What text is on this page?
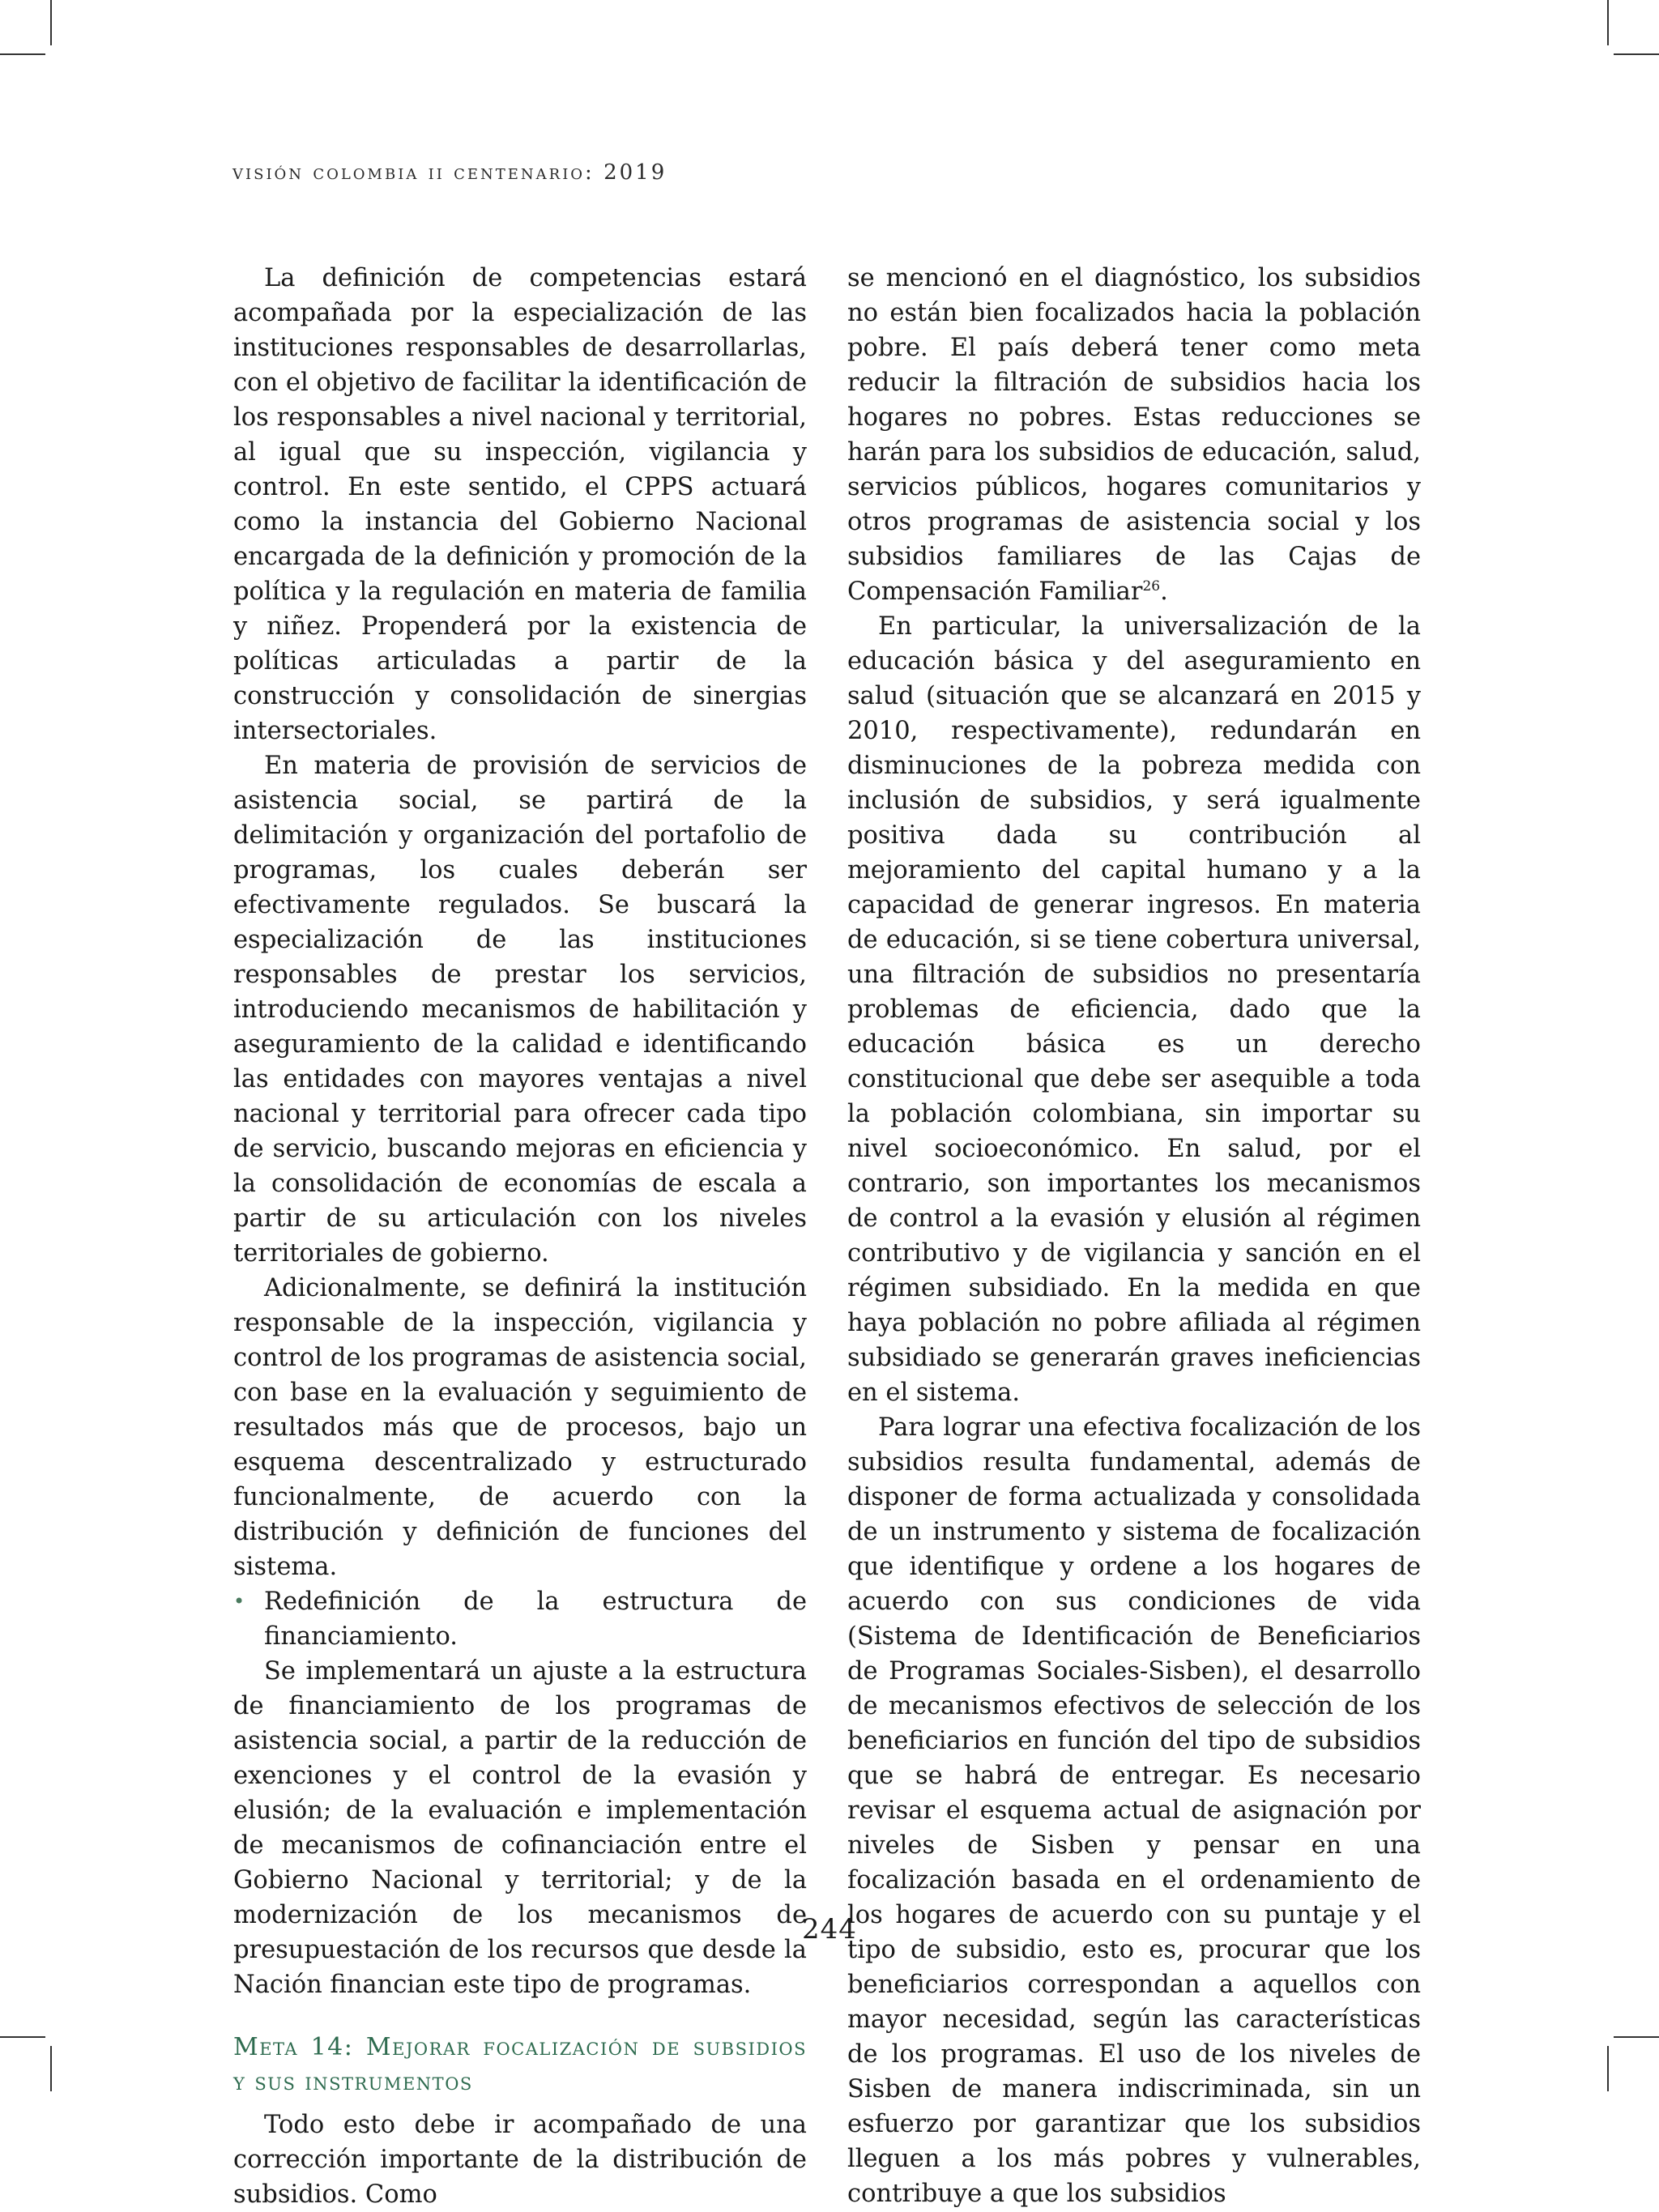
visión colombia ii centenario: 2019

La definición de competencias estará acompañada por la especialización de las instituciones responsables de desarrollarlas, con el objetivo de facilitar la identificación de los responsables a nivel nacional y territorial, al igual que su inspección, vigilancia y control. En este sentido, el CPPS actuará como la instancia del Gobierno Nacional encargada de la definición y promoción de la política y la regulación en materia de familia y niñez. Propenderá por la existencia de políticas articuladas a partir de la construcción y consolidación de sinergias intersectoriales.

En materia de provisión de servicios de asistencia social, se partirá de la delimitación y organización del portafolio de programas, los cuales deberán ser efectivamente regulados. Se buscará la especialización de las instituciones responsables de prestar los servicios, introduciendo mecanismos de habilitación y aseguramiento de la calidad e identificando las entidades con mayores ventajas a nivel nacional y territorial para ofrecer cada tipo de servicio, buscando mejoras en eficiencia y la consolidación de economías de escala a partir de su articulación con los niveles territoriales de gobierno.

Adicionalmente, se definirá la institución responsable de la inspección, vigilancia y control de los programas de asistencia social, con base en la evaluación y seguimiento de resultados más que de procesos, bajo un esquema descentralizado y estructurado funcionalmente, de acuerdo con la distribución y definición de funciones del sistema.

• Redefinición de la estructura de financiamiento.

Se implementará un ajuste a la estructura de financiamiento de los programas de asistencia social, a partir de la reducción de exenciones y el control de la evasión y elusión; de la evaluación e implementación de mecanismos de cofinanciación entre el Gobierno Nacional y territorial; y de la modernización de los mecanismos de presupuestación de los recursos que desde la Nación financian este tipo de programas.

Meta 14: Mejorar focalización de subsidios y sus instrumentos

Todo esto debe ir acompañado de una corrección importante de la distribución de subsidios. Como

se mencionó en el diagnóstico, los subsidios no están bien focalizados hacia la población pobre. El país deberá tener como meta reducir la filtración de subsidios hacia los hogares no pobres. Estas reducciones se harán para los subsidios de educación, salud, servicios públicos, hogares comunitarios y otros programas de asistencia social y los subsidios familiares de las Cajas de Compensación Familiar$^{26}$.

En particular, la universalización de la educación básica y del aseguramiento en salud (situación que se alcanzará en 2015 y 2010, respectivamente), redundarán en disminuciones de la pobreza medida con inclusión de subsidios, y será igualmente positiva dada su contribución al mejoramiento del capital humano y a la capacidad de generar ingresos. En materia de educación, si se tiene cobertura universal, una filtración de subsidios no presentaría problemas de eficiencia, dado que la educación básica es un derecho constitucional que debe ser asequible a toda la población colombiana, sin importar su nivel socioeconómico. En salud, por el contrario, son importantes los mecanismos de control a la evasión y elusión al régimen contributivo y de vigilancia y sanción en el régimen subsidiado. En la medida en que haya población no pobre afiliada al régimen subsidiado se generarán graves ineficiencias en el sistema.

Para lograr una efectiva focalización de los subsidios resulta fundamental, además de disponer de forma actualizada y consolidada de un instrumento y sistema de focalización que identifique y ordene a los hogares de acuerdo con sus condiciones de vida (Sistema de Identificación de Beneficiarios de Programas Sociales-Sisben), el desarrollo de mecanismos efectivos de selección de los beneficiarios en función del tipo de subsidios que se habrá de entregar. Es necesario revisar el esquema actual de asignación por niveles de Sisben y pensar en una focalización basada en el ordenamiento de los hogares de acuerdo con su puntaje y el tipo de subsidio, esto es, procurar que los beneficiarios correspondan a aquellos con mayor necesidad, según las características de los programas. El uso de los niveles de Sisben de manera indiscriminada, sin un esfuerzo por garantizar que los subsidios lleguen a los más pobres y vulnerables, contribuye a que los subsidios

244
